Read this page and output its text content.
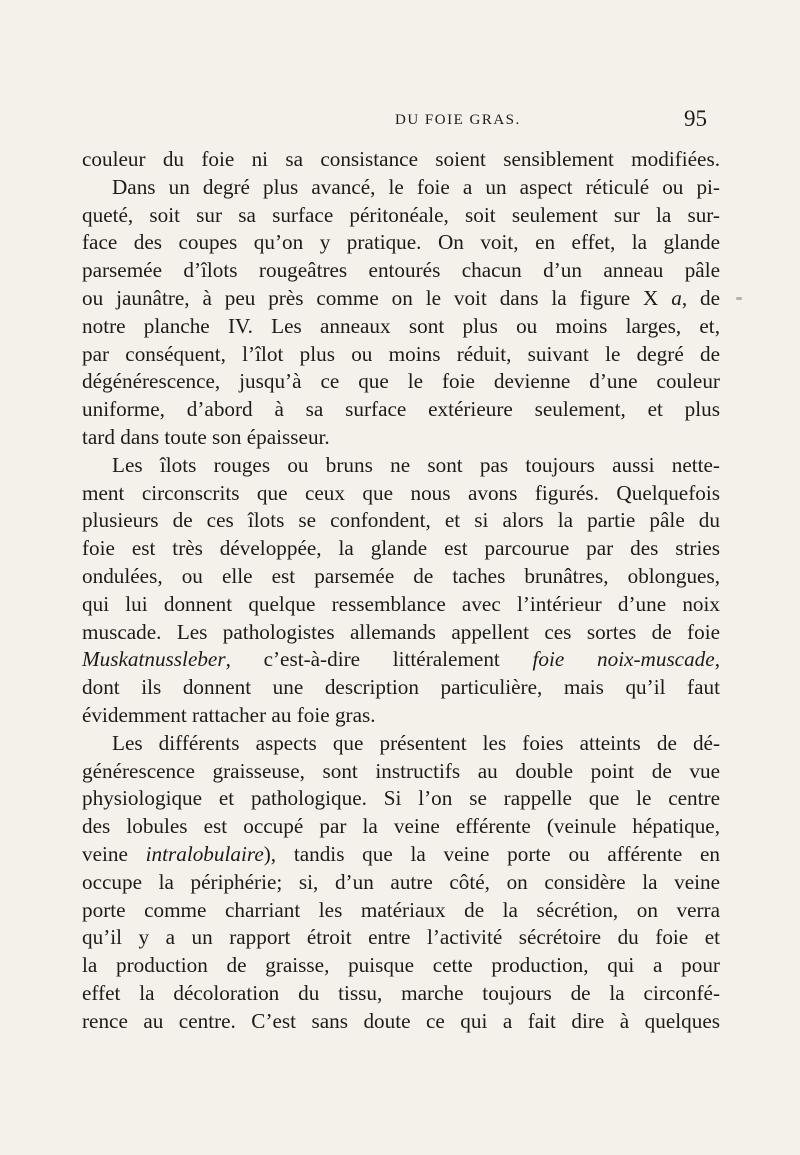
DU FOIE GRAS.	95
couleur du foie ni sa consistance soient sensiblement modifiées.
Dans un degré plus avancé, le foie a un aspect réticulé ou pi-
queté, soit sur sa surface péritonéale, soit seulement sur la sur-
face des coupes qu’on y pratique. On voit, en effet, la glande
parsemée d’îlots rougeâtres entourés chacun d’un anneau pâle
ou jaunâtre, à peu près comme on le voit dans la figure X a, de
notre planche IV. Les anneaux sont plus ou moins larges, et,
par conséquent, l’îlot plus ou moins réduit, suivant le degré de
dégénérescence, jusqu’à ce que le foie devienne d’une couleur
uniforme, d’abord à sa surface extérieure seulement, et plus
tard dans toute son épaisseur.
Les îlots rouges ou bruns ne sont pas toujours aussi nette-
ment circonscrits que ceux que nous avons figurés. Quelquefois
plusieurs de ces îlots se confondent, et si alors la partie pâle du
foie est très développée, la glande est parcourue par des stries
ondulées, ou elle est parsemée de taches brunâtres, oblongues,
qui lui donnent quelque ressemblance avec l’intérieur d’une noix
muscade. Les pathologistes allemands appellent ces sortes de foie
Muskatnussleber, c’est-à-dire littéralement foie noix-muscade,
dont ils donnent une description particulière, mais qu’il faut
évidemment rattacher au foie gras.
Les différents aspects que présentent les foies atteints de dé-
générescence graisseuse, sont instructifs au double point de vue
physiologique et pathologique. Si l’on se rappelle que le centre
des lobules est occupé par la veine efférente (veinule hépatique,
veine intralobulaire), tandis que la veine porte ou afférente en
occupe la périphérie; si, d’un autre côté, on considère la veine
porte comme charriant les matériaux de la sécrétion, on verra
qu’il y a un rapport étroit entre l’activité sécrétoire du foie et
la production de graisse, puisque cette production, qui a pour
effet la décoloration du tissu, marche toujours de la circonfé-
rence au centre. C’est sans doute ce qui a fait dire à quelques
